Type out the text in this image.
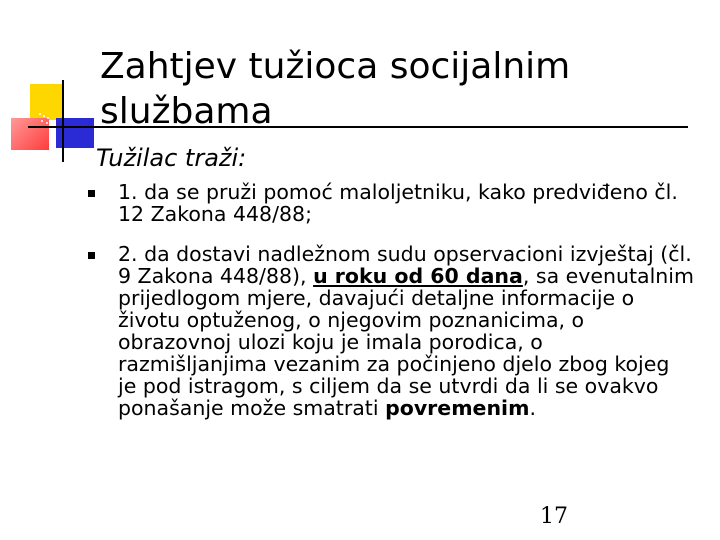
Zahtjev tužioca socijalnim službama
Tužilac traži:
1. da se pruži pomoć maloljetniku, kako predviđeno čl. 12 Zakona 448/88;
2. da dostavi nadležnom sudu opservacioni izvještaj (čl. 9 Zakona 448/88), u roku od 60 dana, sa evenutalnim prijedlogom mjere, davajući detaljne informacije o životu optuženog, o njegovim poznanicima, o obrazovnoj ulozi koju je imala porodica, o razmišljanjima vezanim za počinjeno djelo zbog kojeg je pod istragom, s ciljem da se utvrdi da li se ovakvo ponašanje može smatrati povremenim.
17
